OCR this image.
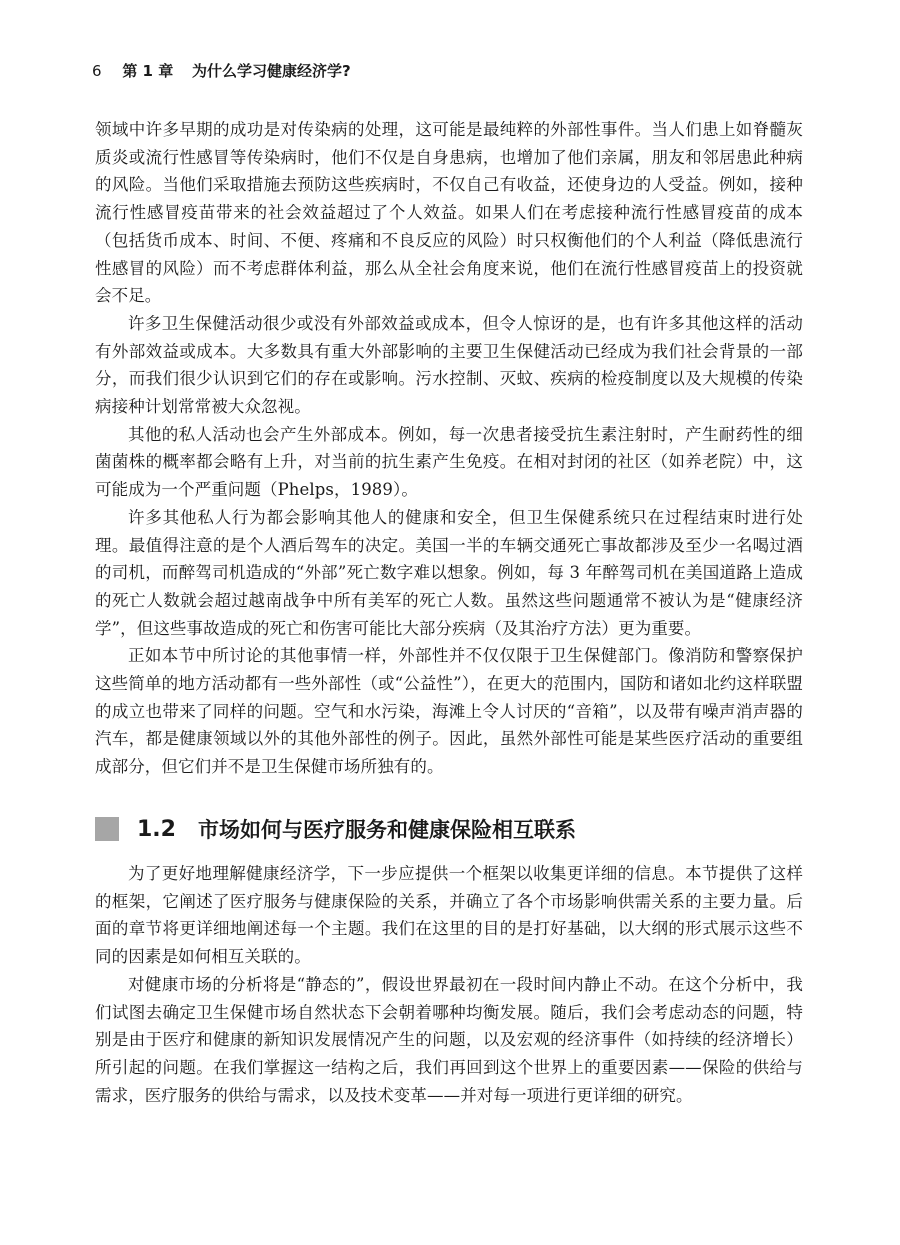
6 第 1 章 为什么学习健康经济学?

领域中许多早期的成功是对传染病的处理，这可能是最纯粹的外部性事件。当人们患上如脊髓灰质炎或流行性感冒等传染病时，他们不仅是自身患病，也增加了他们亲属，朋友和邻居患此种病的风险。当他们采取措施去预防这些疾病时，不仅自己有收益，还使身边的人受益。例如，接种流行性感冒疫苗带来的社会效益超过了个人效益。如果人们在考虑接种流行性感冒疫苗的成本（包括货币成本、时间、不便、疼痛和不良反应的风险）时只权衡他们的个人利益（降低患流行性感冒的风险）而不考虑群体利益，那么从全社会角度来说，他们在流行性感冒疫苗上的投资就会不足。

许多卫生保健活动很少或没有外部效益或成本，但令人惊讶的是，也有许多其他这样的活动有外部效益或成本。大多数具有重大外部影响的主要卫生保健活动已经成为我们社会背景的一部分，而我们很少认识到它们的存在或影响。污水控制、灭蚊、疾病的检疫制度以及大规模的传染病接种计划常常被大众忽视。

其他的私人活动也会产生外部成本。例如，每一次患者接受抗生素注射时，产生耐药性的细菌菌株的概率都会略有上升，对当前的抗生素产生免疫。在相对封闭的社区（如养老院）中，这可能成为一个严重问题（Phelps，1989）。

许多其他私人行为都会影响其他人的健康和安全，但卫生保健系统只在过程结束时进行处理。最值得注意的是个人酒后驾车的决定。美国一半的车辆交通死亡事故都涉及至少一名喝过酒的司机，而醉驾司机造成的“外部”死亡数字难以想象。例如，每 3 年醉驾司机在美国道路上造成的死亡人数就会超过越南战争中所有美军的死亡人数。虽然这些问题通常不被认为是“健康经济学”，但这些事故造成的死亡和伤害可能比大部分疾病（及其治疗方法）更为重要。

正如本节中所讨论的其他事情一样，外部性并不仅仅限于卫生保健部门。像消防和警察保护这些简单的地方活动都有一些外部性（或“公益性”），在更大的范围内，国防和诸如北约这样联盟的成立也带来了同样的问题。空气和水污染，海滩上令人讨厌的“音箱”，以及带有噪声消声器的汽车，都是健康领域以外的其他外部性的例子。因此，虽然外部性可能是某些医疗活动的重要组成部分，但它们并不是卫生保健市场所独有的。

1.2 市场如何与医疗服务和健康保险相互联系

为了更好地理解健康经济学，下一步应提供一个框架以收集更详细的信息。本节提供了这样的框架，它阐述了医疗服务与健康保险的关系，并确立了各个市场影响供需关系的主要力量。后面的章节将更详细地阐述每一个主题。我们在这里的目的是打好基础，以大纲的形式展示这些不同的因素是如何相互关联的。

对健康市场的分析将是“静态的”，假设世界最初在一段时间内静止不动。在这个分析中，我们试图去确定卫生保健市场自然状态下会朝着哪种均衡发展。随后，我们会考虑动态的问题，特别是由于医疗和健康的新知识发展情况产生的问题，以及宏观的经济事件（如持续的经济增长）所引起的问题。在我们掌握这一结构之后，我们再回到这个世界上的重要因素——保险的供给与需求，医疗服务的供给与需求，以及技术变革——并对每一项进行更详细的研究。
